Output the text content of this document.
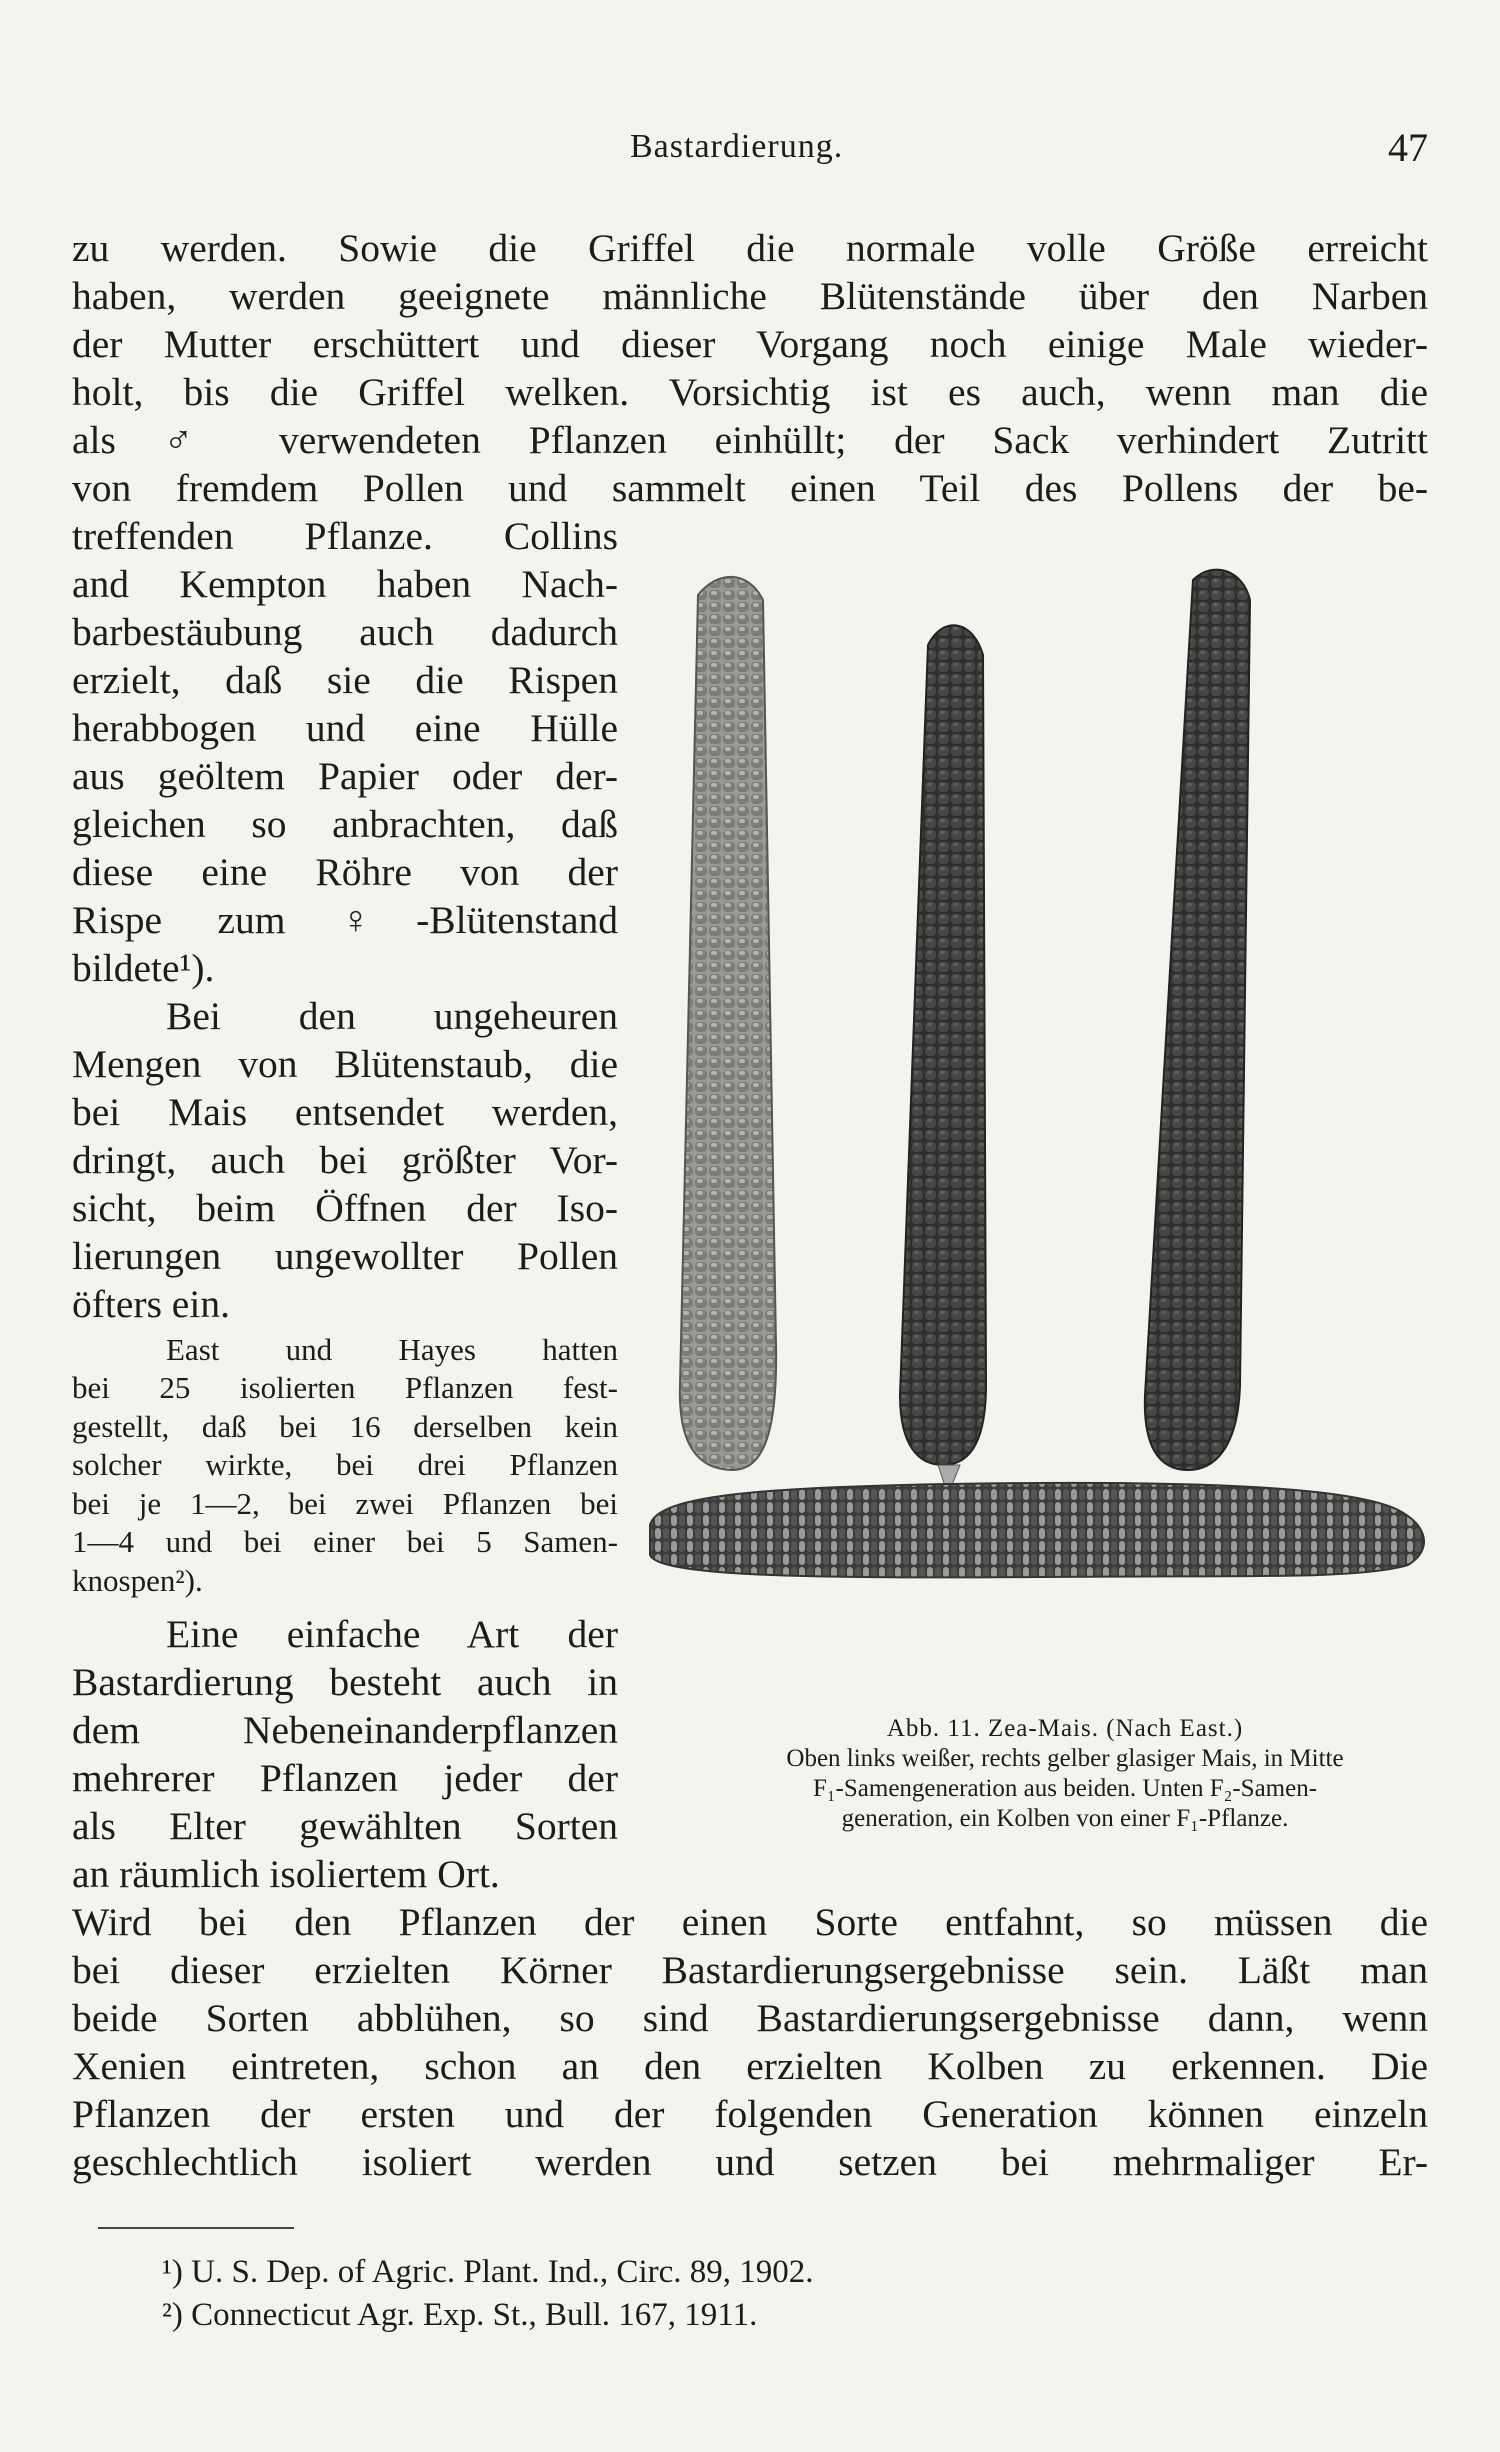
Bastardierung.	47
zu werden. Sowie die Griffel die normale volle Größe erreicht
haben, werden geeignete männliche Blütenstände über den Narben
der Mutter erschüttert und dieser Vorgang noch einige Male wieder-
holt, bis die Griffel welken. Vorsichtig ist es auch, wenn man die
als ♂ verwendeten Pflanzen einhüllt; der Sack verhindert Zutritt
von fremdem Pollen und sammelt einen Teil des Pollens der be-
treffenden Pflanze. Collins
and Kempton haben Nach-
barbestäubung auch dadurch
erzielt, daß sie die Rispen
herabbogen und eine Hülle
aus geöltem Papier oder der-
gleichen so anbrachten, daß
diese eine Röhre von der
Rispe zum ♀-Blütenstand
bildete¹).
Bei den ungeheuren
Mengen von Blütenstaub, die
bei Mais entsendet werden,
dringt, auch bei größter Vor-
sicht, beim Öffnen der Iso-
lierungen ungewollter Pollen
öfters ein.
East und Hayes hatten
bei 25 isolierten Pflanzen fest-
gestellt, daß bei 16 derselben kein
solcher wirkte, bei drei Pflanzen
bei je 1—2, bei zwei Pflanzen bei
1—4 und bei einer bei 5 Samen-
knospen²).
Eine einfache Art der
Bastardierung besteht auch in
dem Nebeneinanderpflanzen
mehrerer Pflanzen jeder der
als Elter gewählten Sorten
an räumlich isoliertem Ort.
Wird bei den Pflanzen der einen Sorte entfahnt, so müssen die
bei dieser erzielten Körner Bastardierungsergebnisse sein. Läßt man
beide Sorten abblühen, so sind Bastardierungsergebnisse dann, wenn
Xenien eintreten, schon an den erzielten Kolben zu erkennen. Die
Pflanzen der ersten und der folgenden Generation können einzeln
geschlechtlich isoliert werden und setzen bei mehrmaliger Er-
Abb. 11. Zea-Mais. (Nach East.)
Oben links weißer, rechts gelber glasiger Mais, in Mitte
F₁-Samengeneration aus beiden. Unten F₂-Samen-
generation, ein Kolben von einer F₁-Pflanze.
¹) U. S. Dep. of Agric. Plant. Ind., Circ. 89, 1902.
²) Connecticut Agr. Exp. St., Bull. 167, 1911.
